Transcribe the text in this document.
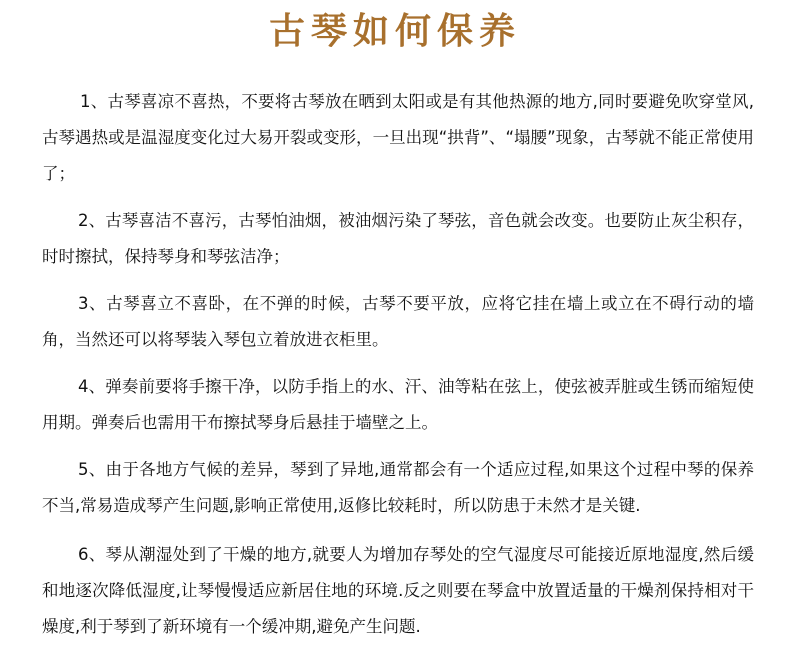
古琴如何保养

1、古琴喜凉不喜热，不要将古琴放在晒到太阳或是有其他热源的地方,同时要避免吹穿堂风,古琴遇热或是温湿度变化过大易开裂或变形，一旦出现“拱背”、“塌腰”现象，古琴就不能正常使用了；

2、古琴喜洁不喜污，古琴怕油烟，被油烟污染了琴弦，音色就会改变。也要防止灰尘积存，时时擦拭，保持琴身和琴弦洁净；

3、古琴喜立不喜卧，在不弹的时候，古琴不要平放，应将它挂在墙上或立在不碍行动的墙角，当然还可以将琴装入琴包立着放进衣柜里。

4、弹奏前要将手擦干净，以防手指上的水、汗、油等粘在弦上，使弦被弄脏或生锈而缩短使用期。弹奏后也需用干布擦拭琴身后悬挂于墙壁之上。

5、由于各地方气候的差异，琴到了异地,通常都会有一个适应过程,如果这个过程中琴的保养不当,常易造成琴产生问题,影响正常使用,返修比较耗时，所以防患于未然才是关键.

6、琴从潮湿处到了干燥的地方,就要人为增加存琴处的空气湿度尽可能接近原地湿度,然后缓和地逐次降低湿度,让琴慢慢适应新居住地的环境.反之则要在琴盒中放置适量的干燥剂保持相对干燥度,利于琴到了新环境有一个缓冲期,避免产生问题.
